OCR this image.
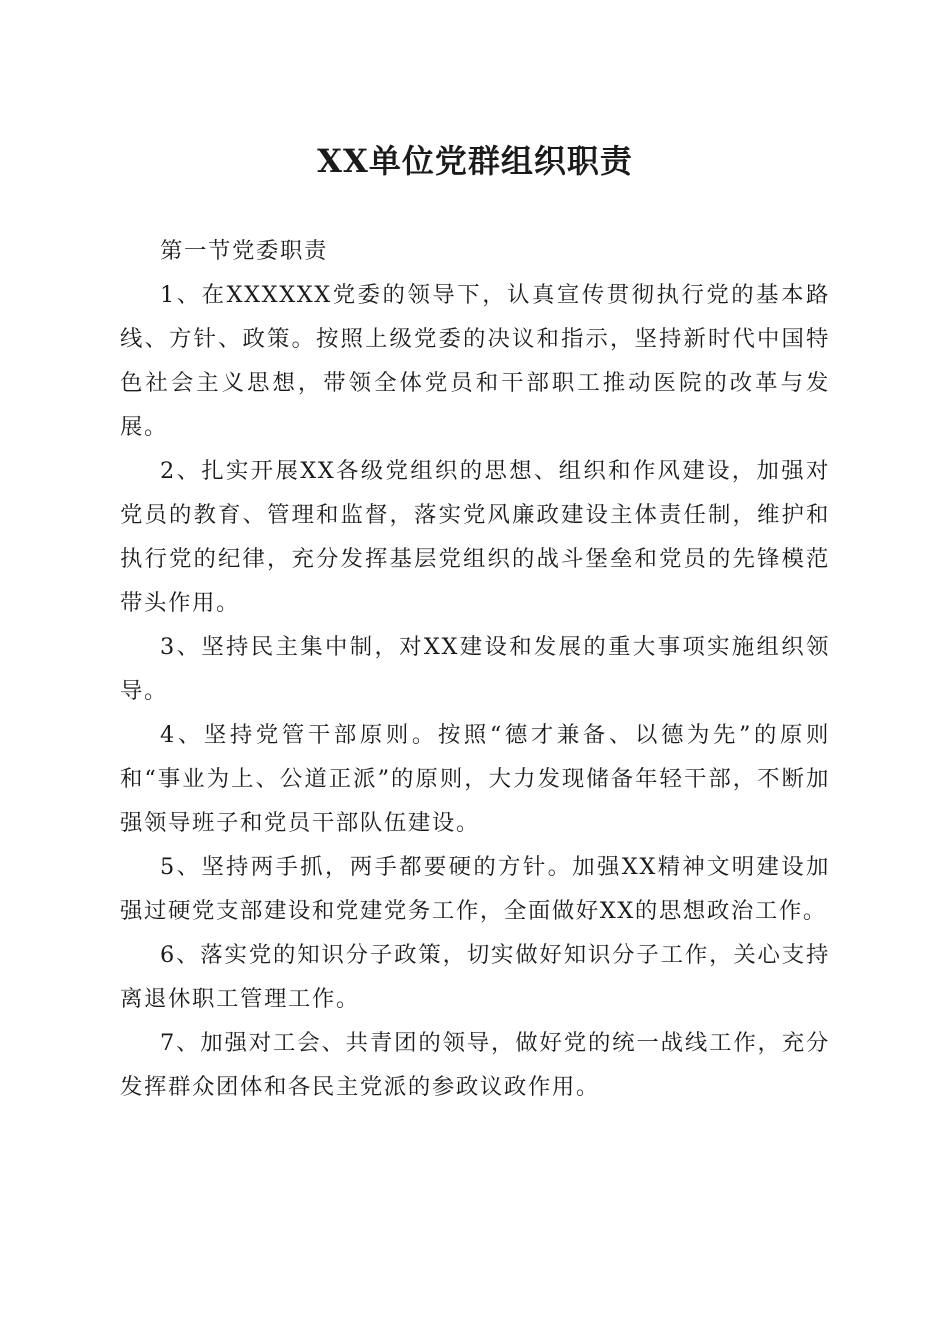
XX单位党群组织职责
第一节党委职责

1、在XXXXXX党委的领导下，认真宣传贯彻执行党的基本路线、方针、政策。按照上级党委的决议和指示，坚持新时代中国特色社会主义思想，带领全体党员和干部职工推动医院的改革与发展。

2、扎实开展XX各级党组织的思想、组织和作风建设，加强对党员的教育、管理和监督，落实党风廉政建设主体责任制，维护和执行党的纪律，充分发挥基层党组织的战斗堡垒和党员的先锋模范带头作用。

3、坚持民主集中制，对XX建设和发展的重大事项实施组织领导。

4、坚持党管干部原则。按照“德才兼备、以德为先”的原则和“事业为上、公道正派”的原则，大力发现储备年轻干部，不断加强领导班子和党员干部队伍建设。

5、坚持两手抓，两手都要硬的方针。加强XX精神文明建设加强过硬党支部建设和党建党务工作，全面做好XX的思想政治工作。

6、落实党的知识分子政策，切实做好知识分子工作，关心支持离退休职工管理工作。

7、加强对工会、共青团的领导，做好党的统一战线工作，充分发挥群众团体和各民主党派的参政议政作用。
